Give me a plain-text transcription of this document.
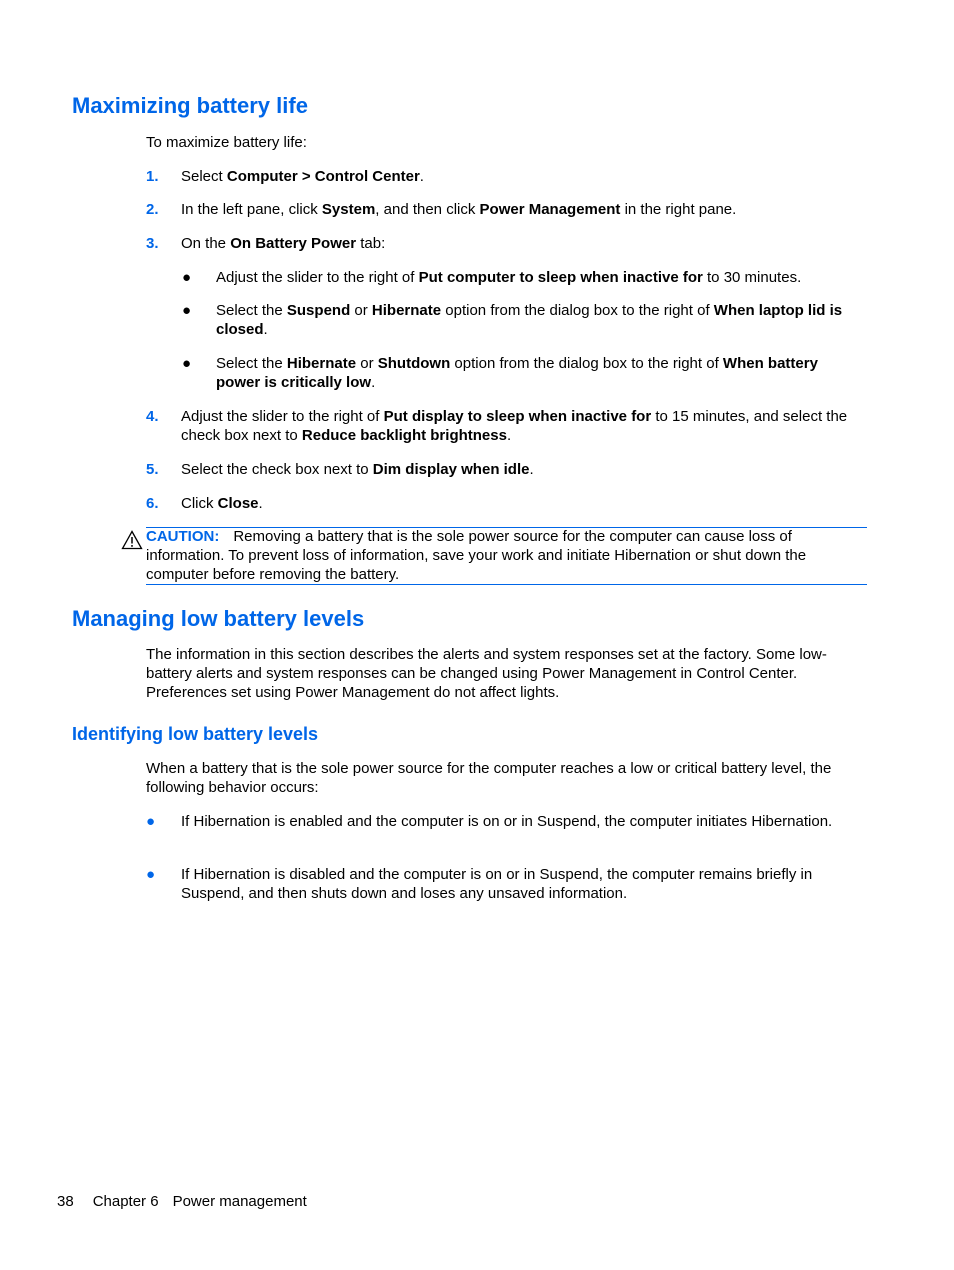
Maximizing battery life

To maximize battery life:

1. Select Computer > Control Center.

2. In the left pane, click System, and then click Power Management in the right pane.

3. On the On Battery Power tab:

● Adjust the slider to the right of Put computer to sleep when inactive for to 30 minutes.

● Select the Suspend or Hibernate option from the dialog box to the right of When laptop lid is closed.

● Select the Hibernate or Shutdown option from the dialog box to the right of When battery power is critically low.

4. Adjust the slider to the right of Put display to sleep when inactive for to 15 minutes, and select the check box next to Reduce backlight brightness.

5. Select the check box next to Dim display when idle.

6. Click Close.

CAUTION: Removing a battery that is the sole power source for the computer can cause loss of information. To prevent loss of information, save your work and initiate Hibernation or shut down the computer before removing the battery.

Managing low battery levels

The information in this section describes the alerts and system responses set at the factory. Some low-battery alerts and system responses can be changed using Power Management in Control Center. Preferences set using Power Management do not affect lights.

Identifying low battery levels

When a battery that is the sole power source for the computer reaches a low or critical battery level, the following behavior occurs:

● If Hibernation is enabled and the computer is on or in Suspend, the computer initiates Hibernation.

● If Hibernation is disabled and the computer is on or in Suspend, the computer remains briefly in Suspend, and then shuts down and loses any unsaved information.

38 Chapter 6 Power management
